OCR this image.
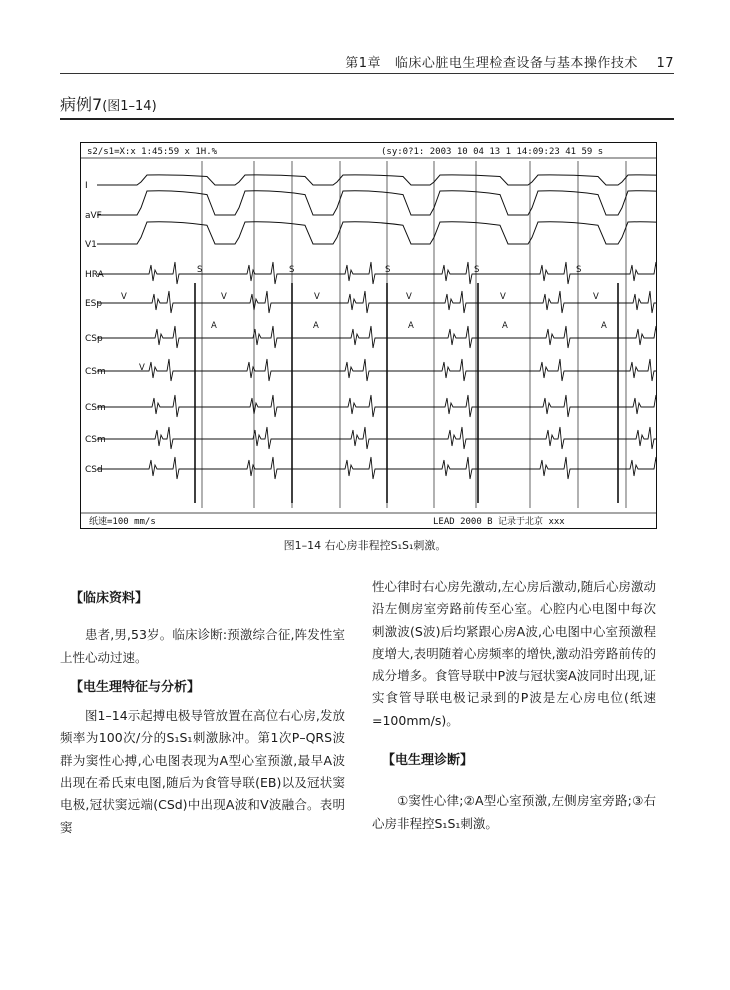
第1章 临床心脏电生理检查设备与基本操作技术 17
病例7(图1–14)
s2/s1=X:x 1:45:59 x 1H.%	(sy:0?1: 2003 10 04 13 1 14:09:23 41 59 s
纸速=100 mm/s	LEAD 2000 B 记录于北京 xxx
I
aVF
V1
HRA
ESp
CSp
CSm
CSm
CSm
CSd
S	S	S	S	S
A	A	A	A	A
V	V	V	V	V	V
V
图1–14 右心房非程控S₁S₁刺激。

【临床资料】

患者,男,53岁。临床诊断:预激综合征,阵发性室上性心动过速。

【电生理特征与分析】

图1–14示起搏电极导管放置在高位右心房,发放频率为100次/分的S₁S₁刺激脉冲。第1次P–QRS波群为窦性心搏,心电图表现为A型心室预激,最早A波出现在希氏束电图,随后为食管导联(EB)以及冠状窦电极,冠状窦远端(CSd)中出现A波和V波融合。表明窦

性心律时右心房先激动,左心房后激动,随后心房激动沿左侧房室旁路前传至心室。心腔内心电图中每次刺激波(S波)后均紧跟心房A波,心电图中心室预激程度增大,表明随着心房频率的增快,激动沿旁路前传的成分增多。食管导联中P波与冠状窦A波同时出现,证实食管导联电极记录到的P波是左心房电位(纸速=100mm/s)。

【电生理诊断】

①窦性心律;②A型心室预激,左侧房室旁路;③右心房非程控S₁S₁刺激。
